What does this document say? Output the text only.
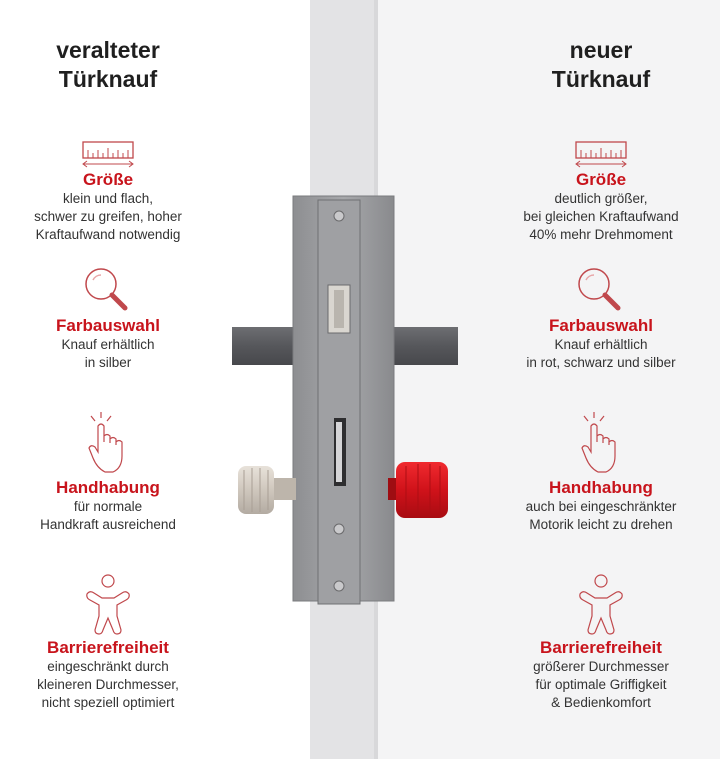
veralteter
Türknauf
Größe
klein und flach,
schwer zu greifen, hoher
Kraftaufwand notwendig
Farbauswahl
Knauf erhältlich
in silber
Handhabung
für normale
Handkraft ausreichend
Barrierefreiheit
eingeschränkt durch
kleineren Durchmesser,
nicht speziell optimiert
neuer
Türknauf
Größe
deutlich größer,
bei gleichen Kraftaufwand
40% mehr Drehmoment
Farbauswahl
Knauf erhältlich
in rot, schwarz und silber
Handhabung
auch bei eingeschränkter
Motorik leicht zu drehen
Barrierefreiheit
größerer Durchmesser
für optimale Griffigkeit
& Bedienkomfort
